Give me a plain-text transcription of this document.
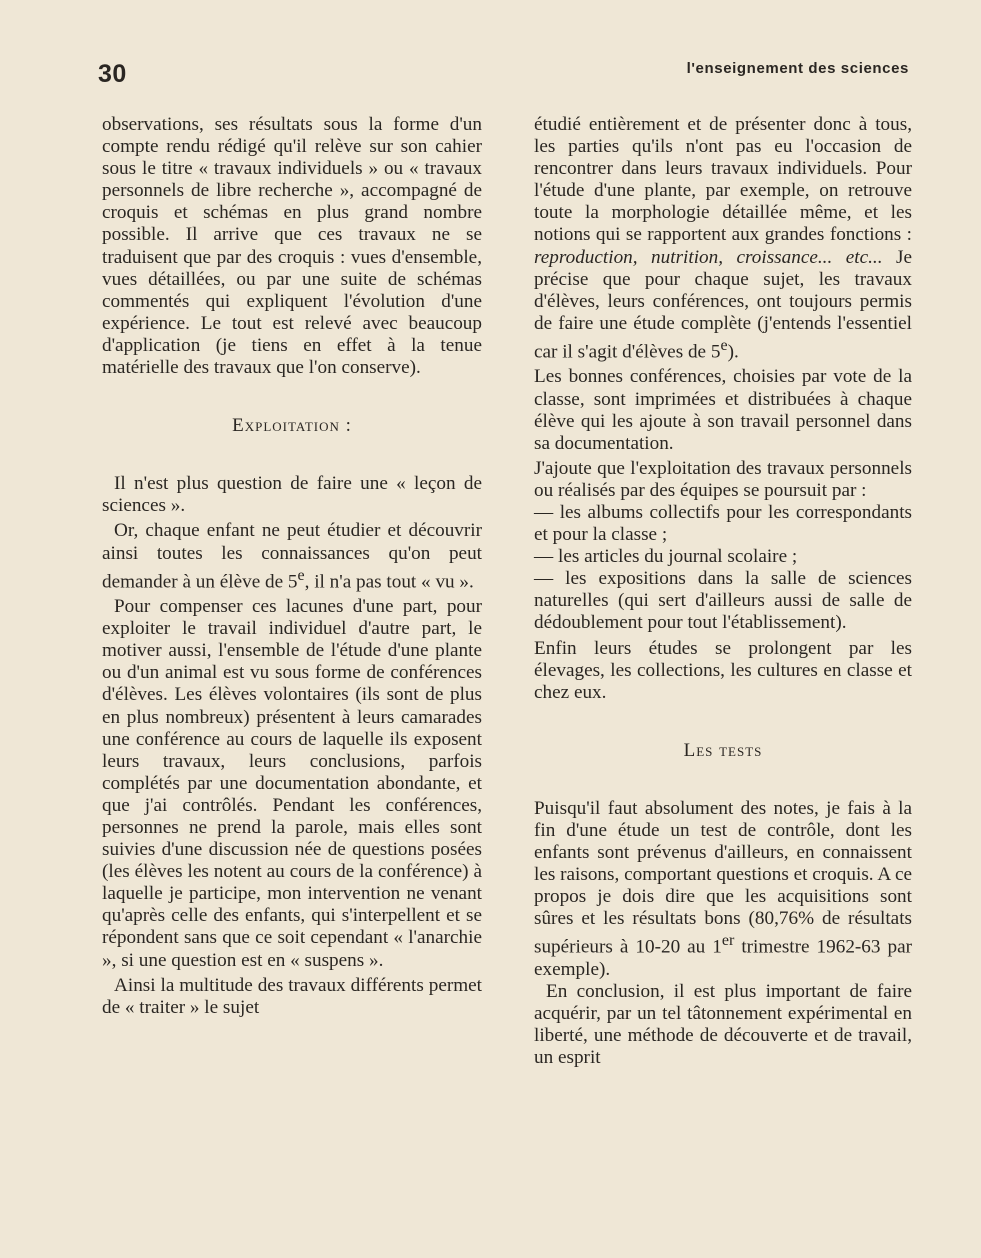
30	l'enseignement des sciences

observations, ses résultats sous la forme d'un compte rendu rédigé qu'il relève sur son cahier sous le titre « travaux individuels » ou « travaux personnels de libre recherche », accompagné de croquis et schémas en plus grand nombre possible. Il arrive que ces travaux ne se traduisent que par des croquis : vues d'ensemble, vues détaillées, ou par une suite de schémas commentés qui expliquent l'évolution d'une expérience. Le tout est relevé avec beaucoup d'application (je tiens en effet à la tenue matérielle des travaux que l'on conserve).

Exploitation :

Il n'est plus question de faire une « leçon de sciences ».

Or, chaque enfant ne peut étudier et découvrir ainsi toutes les connaissances qu'on peut demander à un élève de 5e, il n'a pas tout « vu ».

Pour compenser ces lacunes d'une part, pour exploiter le travail individuel d'autre part, le motiver aussi, l'ensemble de l'étude d'une plante ou d'un animal est vu sous forme de conférences d'élèves. Les élèves volontaires (ils sont de plus en plus nombreux) présentent à leurs camarades une conférence au cours de laquelle ils exposent leurs travaux, leurs conclusions, parfois complétés par une documentation abondante, et que j'ai contrôlés. Pendant les conférences, personnes ne prend la parole, mais elles sont suivies d'une discussion née de questions posées (les élèves les notent au cours de la conférence) à laquelle je participe, mon intervention ne venant qu'après celle des enfants, qui s'interpellent et se répondent sans que ce soit cependant « l'anarchie », si une question est en « suspens ».

Ainsi la multitude des travaux différents permet de « traiter » le sujet

étudié entièrement et de présenter donc à tous, les parties qu'ils n'ont pas eu l'occasion de rencontrer dans leurs travaux individuels. Pour l'étude d'une plante, par exemple, on retrouve toute la morphologie détaillée même, et les notions qui se rapportent aux grandes fonctions : reproduction, nutrition, croissance... etc... Je précise que pour chaque sujet, les travaux d'élèves, leurs conférences, ont toujours permis de faire une étude complète (j'entends l'essentiel car il s'agit d'élèves de 5e).

Les bonnes conférences, choisies par vote de la classe, sont imprimées et distribuées à chaque élève qui les ajoute à son travail personnel dans sa documentation.

J'ajoute que l'exploitation des travaux personnels ou réalisés par des équipes se poursuit par :

— les albums collectifs pour les correspondants et pour la classe ;

— les articles du journal scolaire ;

— les expositions dans la salle de sciences naturelles (qui sert d'ailleurs aussi de salle de dédoublement pour tout l'établissement).

Enfin leurs études se prolongent par les élevages, les collections, les cultures en classe et chez eux.

Les tests

Puisqu'il faut absolument des notes, je fais à la fin d'une étude un test de contrôle, dont les enfants sont prévenus d'ailleurs, en connaissent les raisons, comportant questions et croquis. A ce propos je dois dire que les acquisitions sont sûres et les résultats bons (80,76% de résultats supérieurs à 10-20 au 1er trimestre 1962-63 par exemple).

En conclusion, il est plus important de faire acquérir, par un tel tâtonnement expérimental en liberté, une méthode de découverte et de travail, un esprit
